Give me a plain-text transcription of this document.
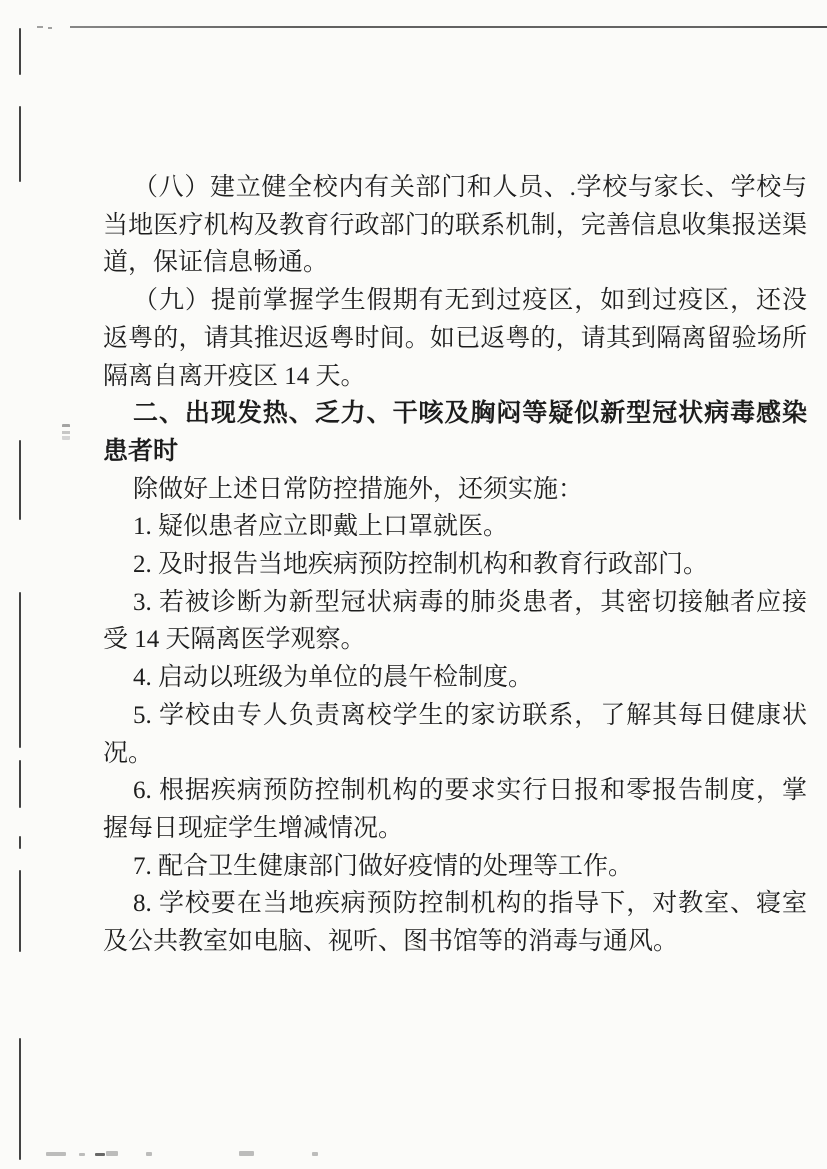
（八）建立健全校内有关部门和人员、.学校与家长、学校与当地医疗机构及教育行政部门的联系机制，完善信息收集报送渠道，保证信息畅通。

（九）提前掌握学生假期有无到过疫区，如到过疫区，还没返粤的，请其推迟返粤时间。如已返粤的，请其到隔离留验场所隔离自离开疫区 14 天。

二、出现发热、乏力、干咳及胸闷等疑似新型冠状病毒感染患者时

除做好上述日常防控措施外，还须实施：

1. 疑似患者应立即戴上口罩就医。

2. 及时报告当地疾病预防控制机构和教育行政部门。

3. 若被诊断为新型冠状病毒的肺炎患者，其密切接触者应接受 14 天隔离医学观察。

4. 启动以班级为单位的晨午检制度。

5. 学校由专人负责离校学生的家访联系，了解其每日健康状况。

6. 根据疾病预防控制机构的要求实行日报和零报告制度，掌握每日现症学生增减情况。

7. 配合卫生健康部门做好疫情的处理等工作。

8. 学校要在当地疾病预防控制机构的指导下，对教室、寝室及公共教室如电脑、视听、图书馆等的消毒与通风。
